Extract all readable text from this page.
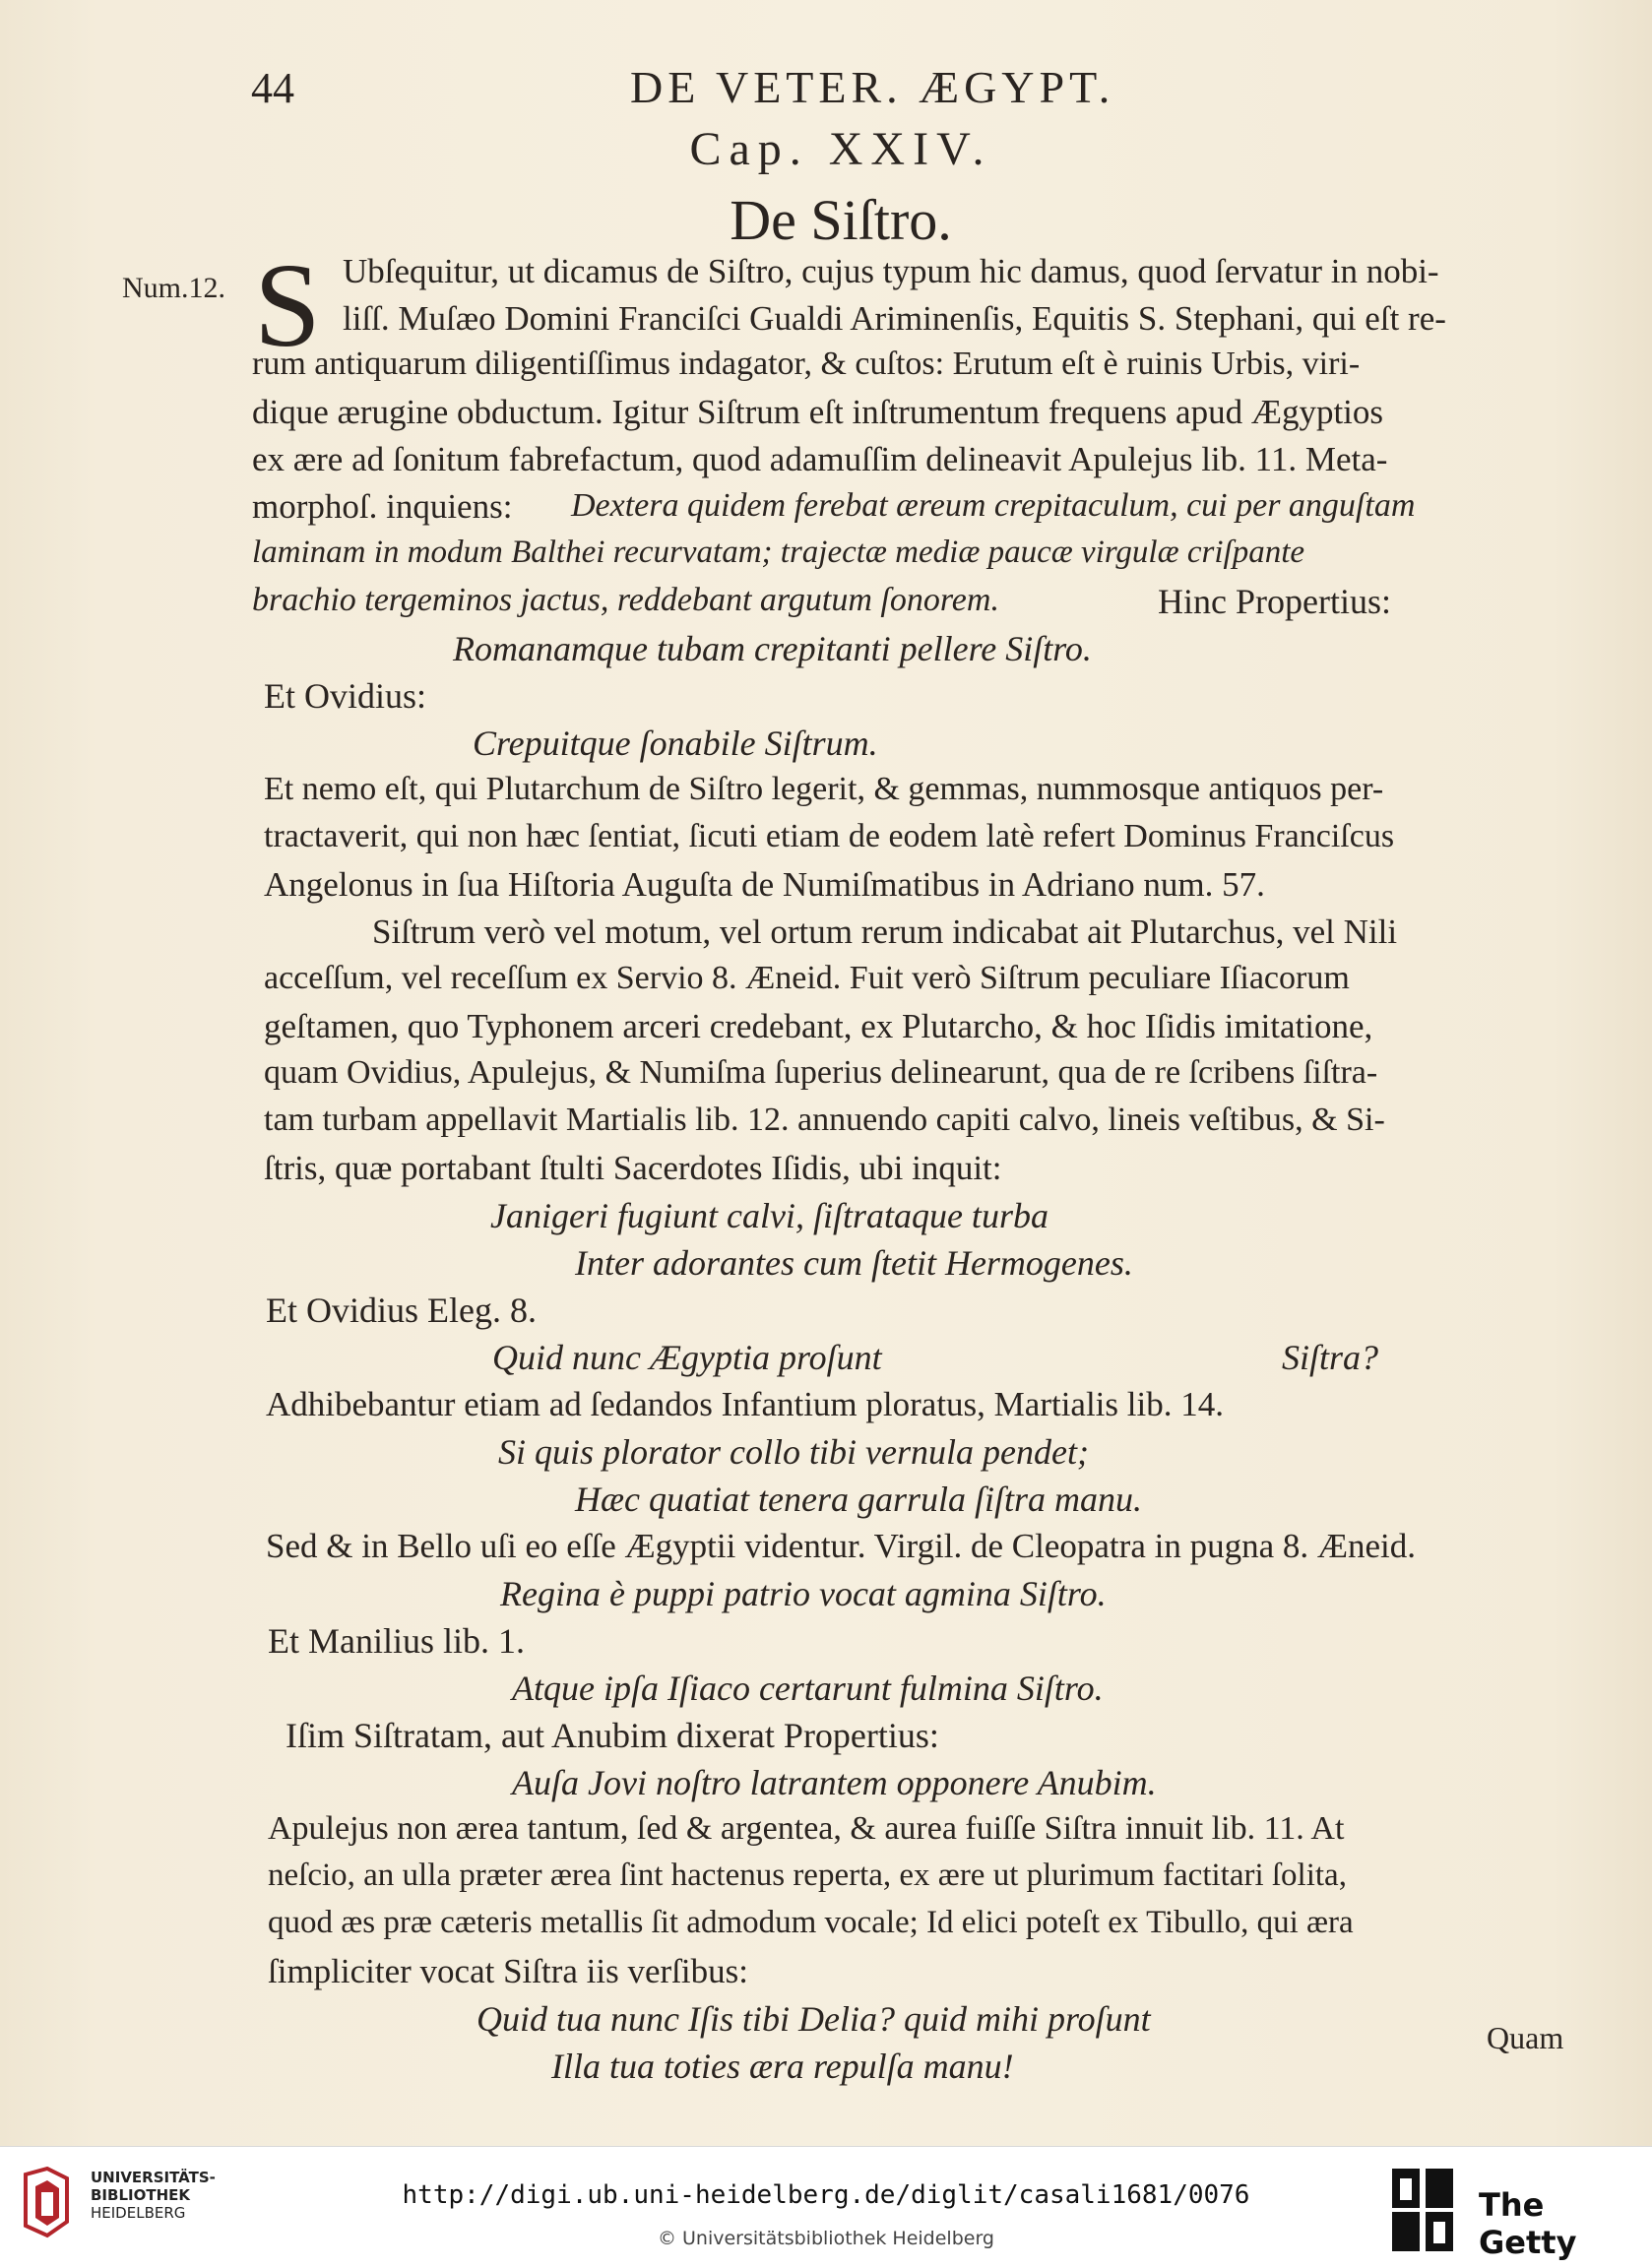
44	DE VETER. ÆGYPT.
Cap. XXIV.
De Siſtro.
Num.12. S Ubſequitur, ut dicamus de Siſtro, cujus typum hic damus, quod ſervatur in nobi-
liſſ. Muſæo Domini Franciſci Gualdi Ariminenſis, Equitis S. Stephani, qui eſt re-
rum antiquarum diligentiſſimus indagator, & cuſtos: Erutum eſt è ruinis Urbis, viri-
dique ærugine obductum. Igitur Siſtrum eſt inſtrumentum frequens apud Ægyptios
ex ære ad ſonitum fabrefactum, quod adamuſſim delineavit Apulejus lib. 11. Meta-
morphoſ. inquiens: Dextera quidem ferebat æreum crepitaculum, cui per anguſtam
laminam in modum Balthei recurvatam; trajectæ mediæ paucæ virgulæ criſpante
brachio tergeminos jactus, reddebant argutum ſonorem.	Hinc Propertius:
Romanamque tubam crepitanti pellere Siſtro.
Et Ovidius:
Crepuitque ſonabile Siſtrum.
Et nemo eſt, qui Plutarchum de Siſtro legerit, & gemmas, nummosque antiquos per-
tractaverit, qui non hæc ſentiat, ſicuti etiam de eodem latè refert Dominus Franciſcus
Angelonus in ſua Hiſtoria Auguſta de Numiſmatibus in Adriano num. 57.
Siſtrum verò vel motum, vel ortum rerum indicabat ait Plutarchus, vel Nili
acceſſum, vel receſſum ex Servio 8. Æneid. Fuit verò Siſtrum peculiare Iſiacorum
geſtamen, quo Typhonem arceri credebant, ex Plutarcho, & hoc Iſidis imitatione,
quam Ovidius, Apulejus, & Numiſma ſuperius delinearunt, qua de re ſcribens ſiſtra-
tam turbam appellavit Martialis lib. 12. annuendo capiti calvo, lineis veſtibus, & Si-
ſtris, quæ portabant ſtulti Sacerdotes Iſidis, ubi inquit:
Janigeri fugiunt calvi, ſiſtrataque turba
Inter adorantes cum ſtetit Hermogenes.
Et Ovidius Eleg. 8.
Quid nunc Ægyptia proſunt	Siſtra?
Adhibebantur etiam ad ſedandos Infantium ploratus, Martialis lib. 14.
Si quis plorator collo tibi vernula pendet;
Hæc quatiat tenera garrula ſiſtra manu.
Sed & in Bello uſi eo eſſe Ægyptii videntur. Virgil. de Cleopatra in pugna 8. Æneid.
Regina è puppi patrio vocat agmina Siſtro.
Et Manilius lib. 1.
Atque ipſa Iſiaco certarunt fulmina Siſtro.
Iſim Siſtratam, aut Anubim dixerat Propertius:
Auſa Jovi noſtro latrantem opponere Anubim.
Apulejus non ærea tantum, ſed & argentea, & aurea fuiſſe Siſtra innuit lib. 11. At
neſcio, an ulla præter ærea ſint hactenus reperta, ex ære ut plurimum factitari ſolita,
quod æs præ cæteris metallis ſit admodum vocale; Id elici poteſt ex Tibullo, qui æra
ſimpliciter vocat Siſtra iis verſibus:
Quid tua nunc Iſis tibi Delia? quid mihi proſunt
Illa tua toties æra repulſa manu!
Quam
UNIVERSITÄTS-
BIBLIOTHEK
HEIDELBERG
http://digi.ub.uni-heidelberg.de/diglit/casali1681/0076
© Universitätsbibliothek Heidelberg
The Getty
